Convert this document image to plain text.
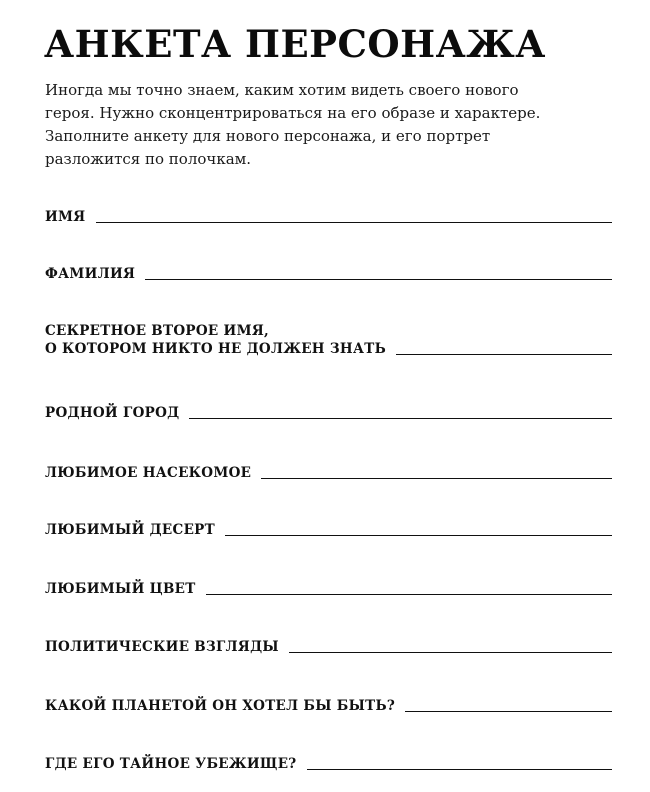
АНКЕТА ПЕРСОНАЖА
Иногда мы точно знаем, каким хотим видеть своего нового
героя. Нужно сконцентрироваться на его образе и характере.
Заполните анкету для нового персонажа, и его портрет
разложится по полочкам.
ИМЯ
ФАМИЛИЯ
СЕКРЕТНОЕ ВТОРОЕ ИМЯ,
О КОТОРОМ НИКТО НЕ ДОЛЖЕН ЗНАТЬ
РОДНОЙ ГОРОД
ЛЮБИМОЕ НАСЕКОМОЕ
ЛЮБИМЫЙ ДЕСЕРТ
ЛЮБИМЫЙ ЦВЕТ
ПОЛИТИЧЕСКИЕ ВЗГЛЯДЫ
КАКОЙ ПЛАНЕТОЙ ОН ХОТЕЛ БЫ БЫТЬ?
ГДЕ ЕГО ТАЙНОЕ УБЕЖИЩЕ?
